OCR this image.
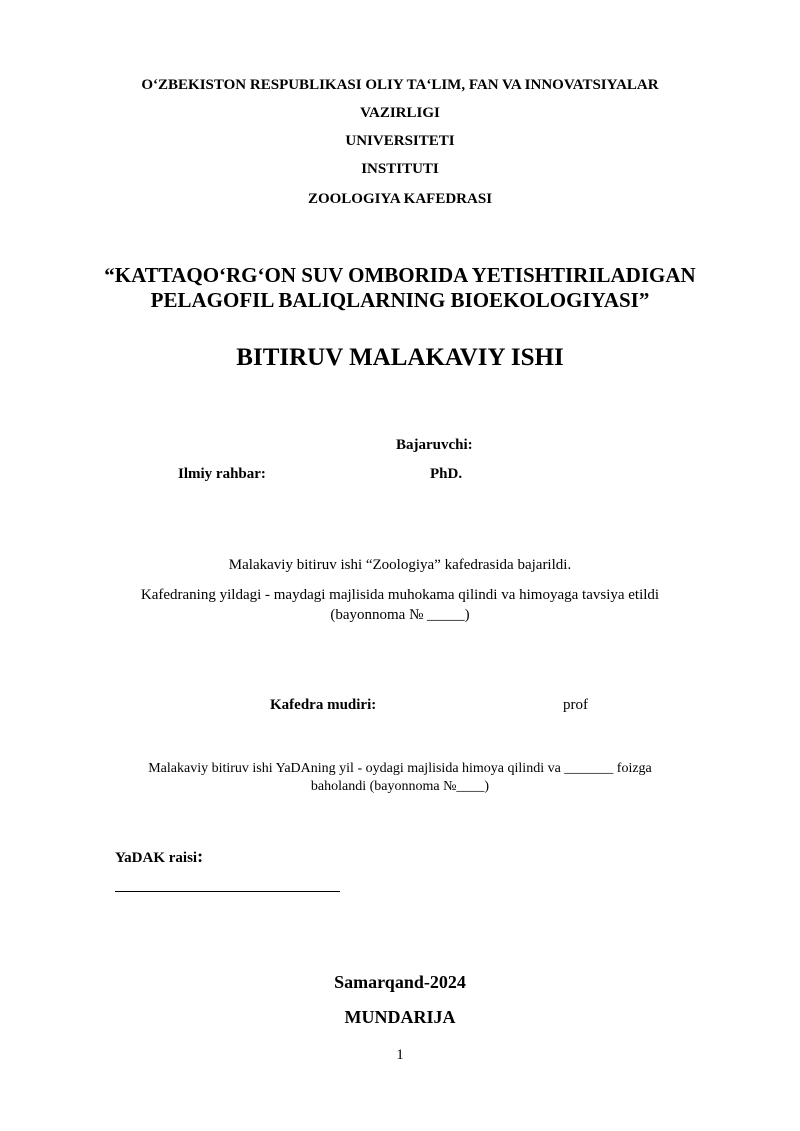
O‘ZBEKISTON RESPUBLIKASI OLIY TA‘LIM, FAN VA INNOVATSIYALAR
VAZIRLIGI
UNIVERSITETI
INSTITUTI
ZOOLOGIYA KAFEDRASI
“KATTAQO‘RG‘ON SUV OMBORIDA YETISHTIRILADIGAN
PELAGOFIL BALIQLARNING BIOEKOLOGIYASI”
BITIRUV MALAKAVIY ISHI
Bajaruvchi:
Ilmiy rahbar:	PhD.
Malakaviy bitiruv ishi “Zoologiya” kafedrasida bajarildi.
Kafedraning yildagi - maydagi majlisida muhokama qilindi va himoyaga tavsiya etildi
(bayonnoma № _____)
Kafedra mudiri:	prof
Malakaviy bitiruv ishi YaDAning yil - oydagi majlisida himoya qilindi va _______ foizga
baholandi (bayonnoma №____)
YaDAK raisi:
Samarqand-2024
MUNDARIJA
1
